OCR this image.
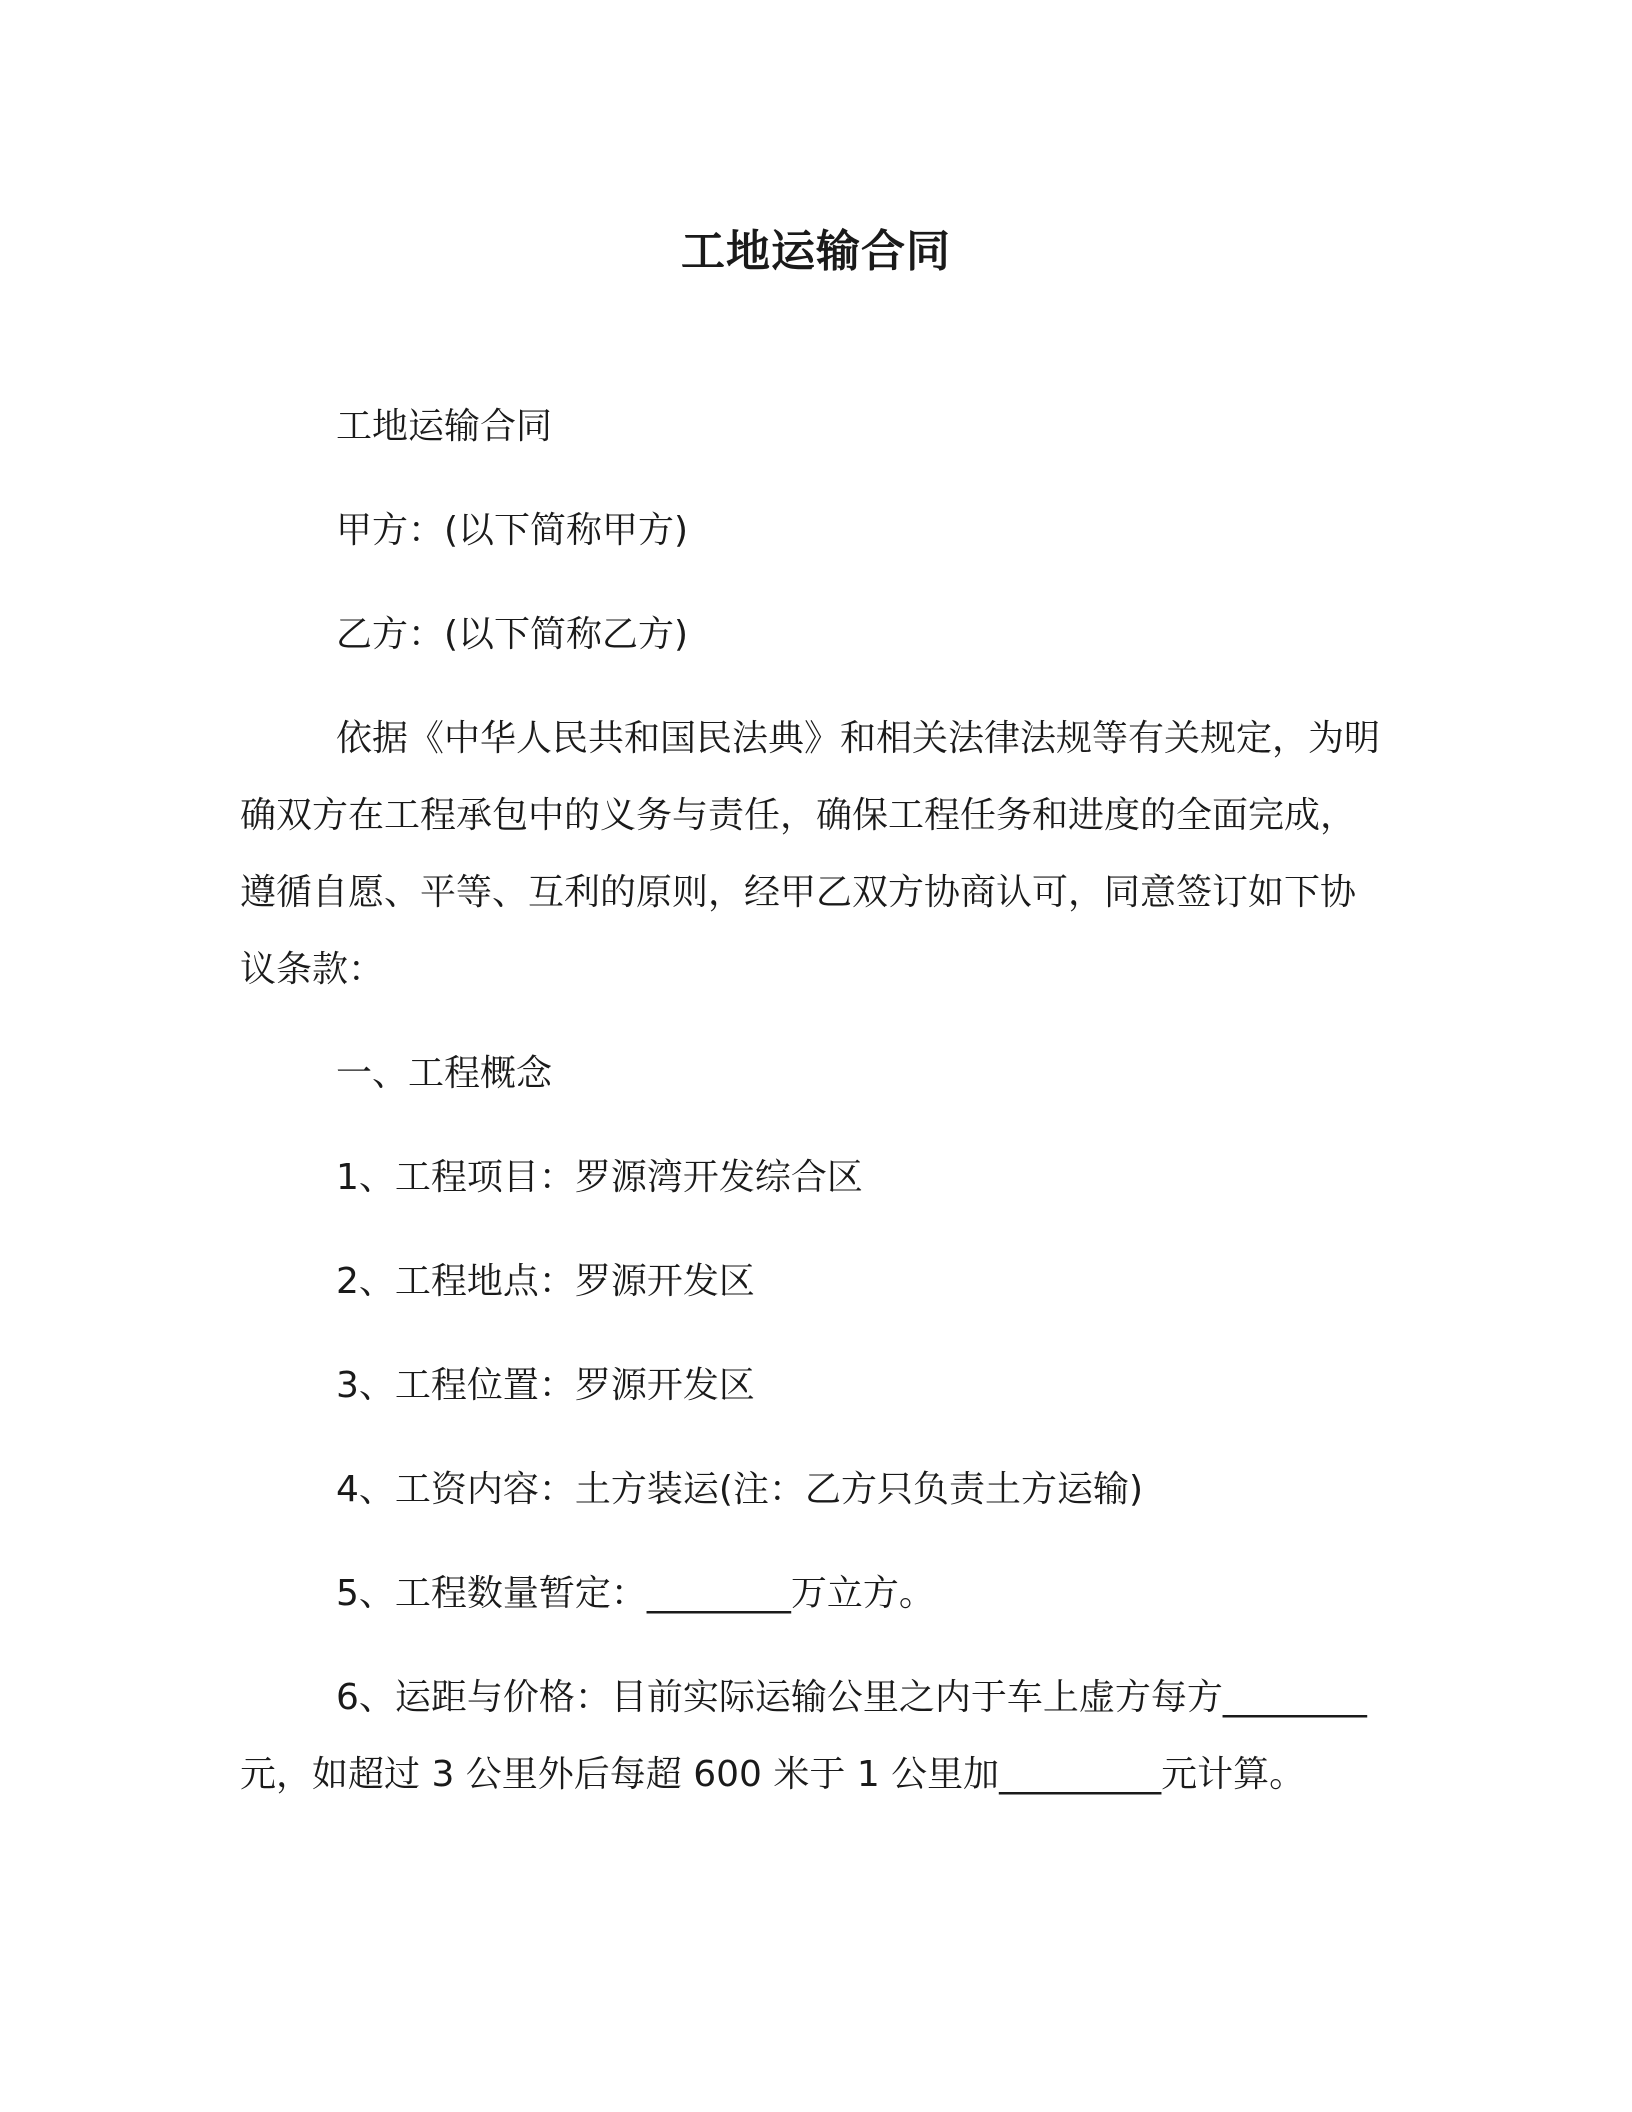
工地运输合同

工地运输合同

甲方：(以下简称甲方)

乙方：(以下简称乙方)

依据《中华人民共和国民法典》和相关法律法规等有关规定，为明确双方在工程承包中的义务与责任，确保工程任务和进度的全面完成，遵循自愿、平等、互利的原则，经甲乙双方协商认可，同意签订如下协议条款：

一、工程概念

1、工程项目：罗源湾开发综合区

2、工程地点：罗源开发区

3、工程位置：罗源开发区

4、工资内容：土方装运(注：乙方只负责土方运输)

5、工程数量暂定：________万立方。

6、运距与价格：目前实际运输公里之内于车上虚方每方________元，如超过 3 公里外后每超 600 米于 1 公里加_________元计算。
